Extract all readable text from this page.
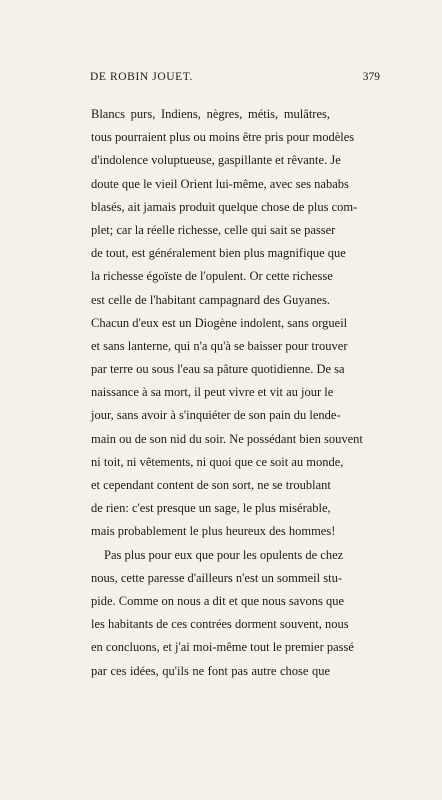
DE ROBIN JOUET.	379
Blancs purs, Indiens, nègres, métis, mulâtres,
tous pourraient plus ou moins être pris pour modèles
d'indolence voluptueuse, gaspillante et rêvante. Je
doute que le vieil Orient lui-même, avec ses nababs
blasés, ait jamais produit quelque chose de plus com-
plet; car la réelle richesse, celle qui sait se passer
de tout, est généralement bien plus magnifique que
la richesse égoïste de l'opulent. Or cette richesse
est celle de l'habitant campagnard des Guyanes.
Chacun d'eux est un Diogène indolent, sans orgueil
et sans lanterne, qui n'a qu'à se baisser pour trouver
par terre ou sous l'eau sa pâture quotidienne. De sa
naissance à sa mort, il peut vivre et vit au jour le
jour, sans avoir à s'inquiéter de son pain du lende-
main ou de son nid du soir. Ne possédant bien souvent
ni toit, ni vêtements, ni quoi que ce soit au monde,
et cependant content de son sort, ne se troublant
de rien: c'est presque un sage, le plus misérable,
mais probablement le plus heureux des hommes!
Pas plus pour eux que pour les opulents de chez
nous, cette paresse d'ailleurs n'est un sommeil stu-
pide. Comme on nous a dit et que nous savons que
les habitants de ces contrées dorment souvent, nous
en concluons, et j'ai moi-même tout le premier passé
par ces idées, qu'ils ne font pas autre chose que
